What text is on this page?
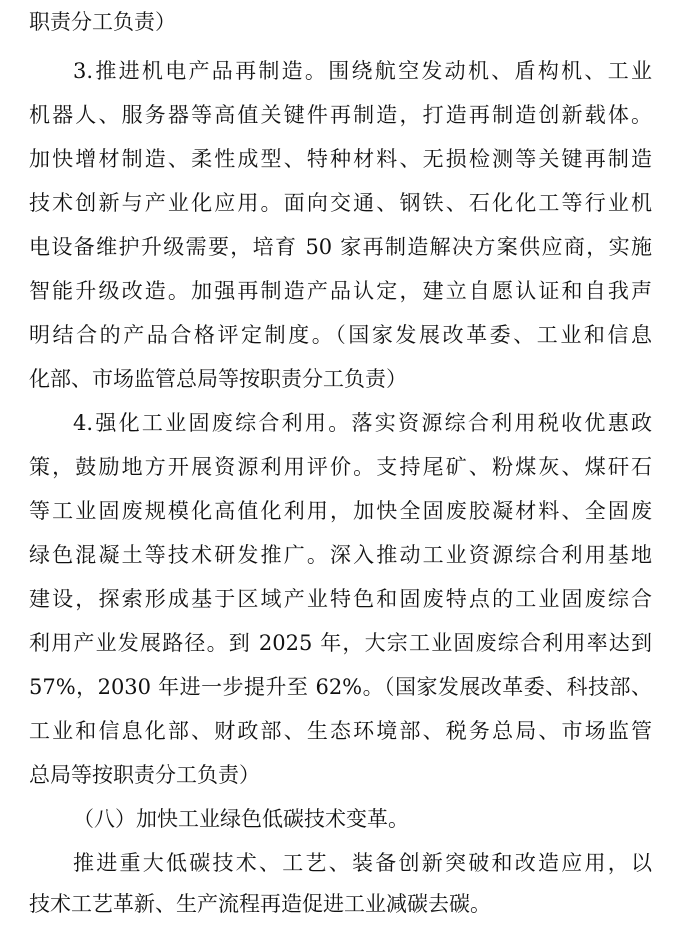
职责分工负责）
3.推进机电产品再制造。围绕航空发动机、盾构机、工业
机器人、服务器等高值关键件再制造，打造再制造创新载体。
加快增材制造、柔性成型、特种材料、无损检测等关键再制造
技术创新与产业化应用。面向交通、钢铁、石化化工等行业机
电设备维护升级需要，培育 50 家再制造解决方案供应商，实施
智能升级改造。加强再制造产品认定，建立自愿认证和自我声
明结合的产品合格评定制度。（国家发展改革委、工业和信息
化部、市场监管总局等按职责分工负责）
4.强化工业固废综合利用。落实资源综合利用税收优惠政
策，鼓励地方开展资源利用评价。支持尾矿、粉煤灰、煤矸石
等工业固废规模化高值化利用，加快全固废胶凝材料、全固废
绿色混凝土等技术研发推广。深入推动工业资源综合利用基地
建设，探索形成基于区域产业特色和固废特点的工业固废综合
利用产业发展路径。到 2025 年，大宗工业固废综合利用率达到
57%，2030 年进一步提升至 62%。（国家发展改革委、科技部、
工业和信息化部、财政部、生态环境部、税务总局、市场监管
总局等按职责分工负责）
（八）加快工业绿色低碳技术变革。
推进重大低碳技术、工艺、装备创新突破和改造应用，以
技术工艺革新、生产流程再造促进工业减碳去碳。
